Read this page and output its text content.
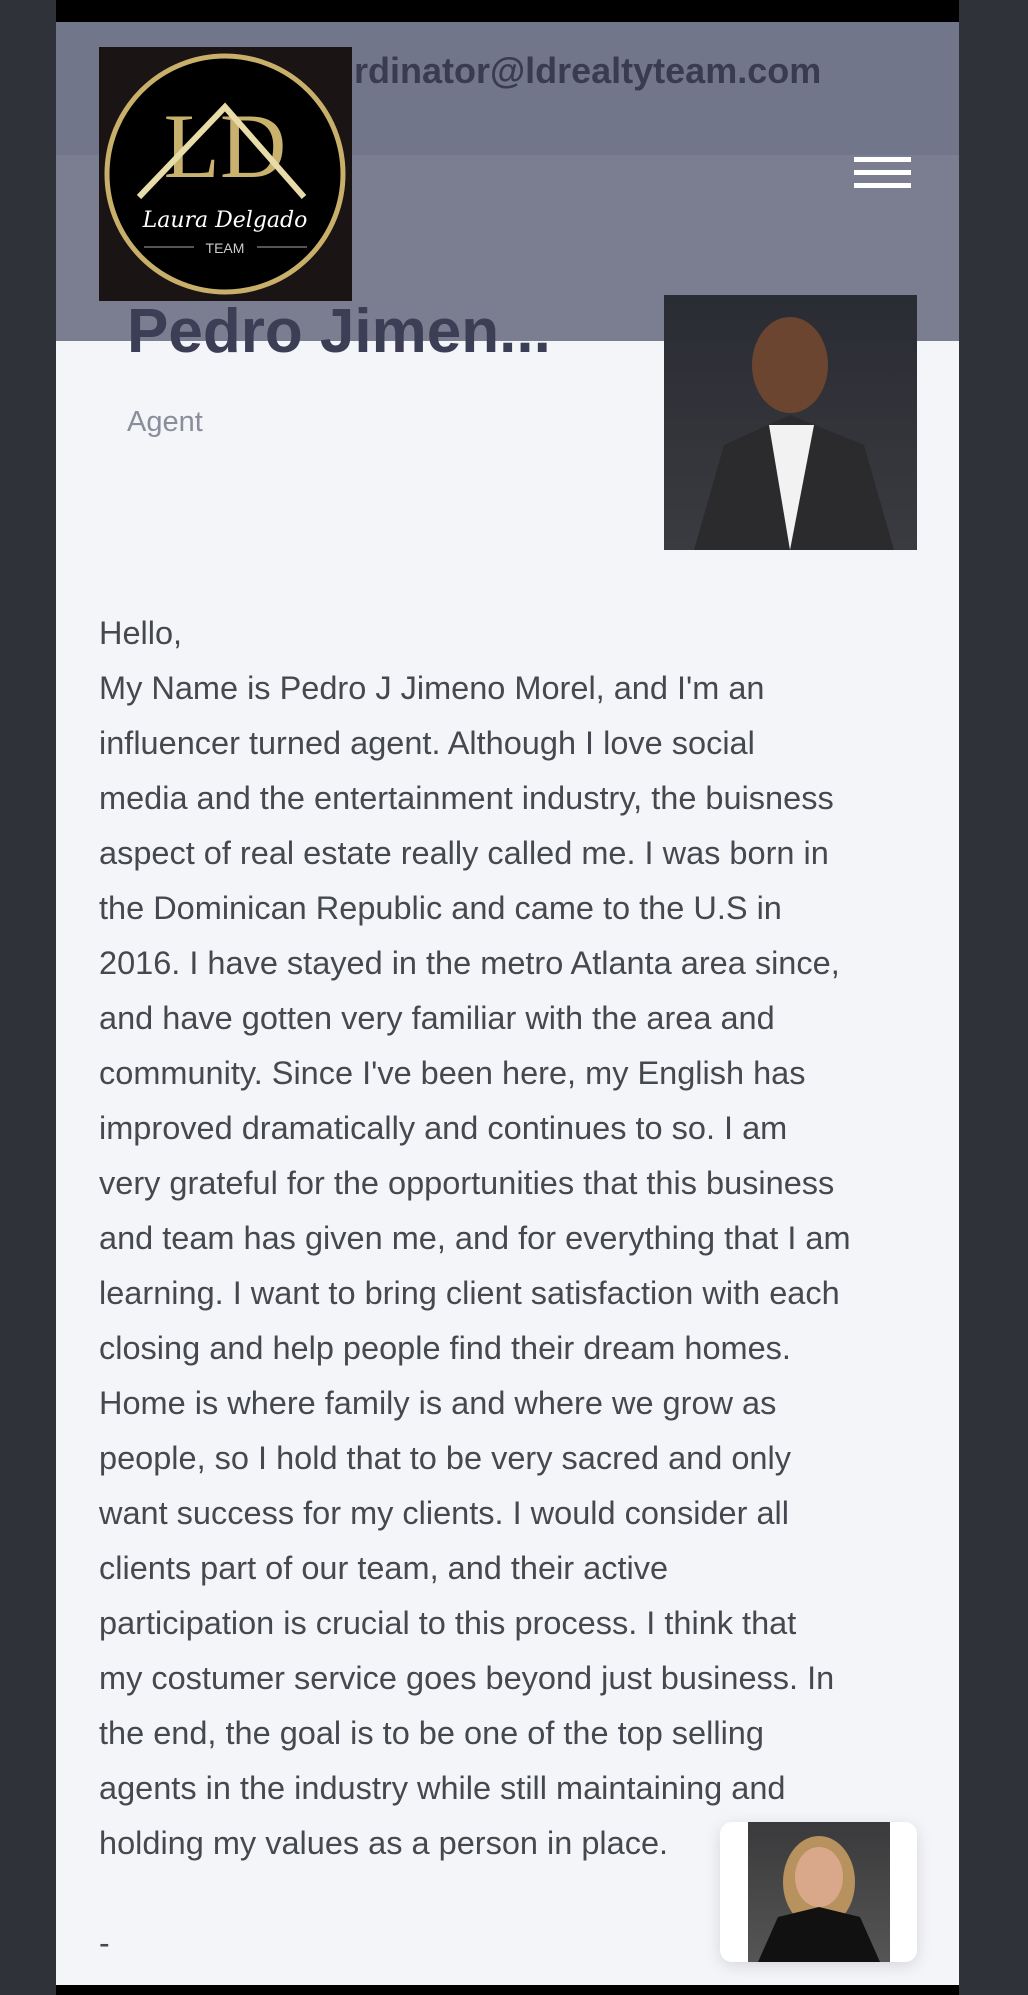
rdinator@ldrealtyteam.com
LD
Laura Delgado
TEAM
Pedro Jimen...
Agent
Hello,
My Name is Pedro J Jimeno Morel, and I'm an
influencer turned agent. Although I love social
media and the entertainment industry, the buisness
aspect of real estate really called me. I was born in
the Dominican Republic and came to the U.S in
2016. I have stayed in the metro Atlanta area since,
and have gotten very familiar with the area and
community. Since I've been here, my English has
improved dramatically and continues to so. I am
very grateful for the opportunities that this business
and team has given me, and for everything that I am
learning. I want to bring client satisfaction with each
closing and help people find their dream homes.
Home is where family is and where we grow as
people, so I hold that to be very sacred and only
want success for my clients. I would consider all
clients part of our team, and their active
participation is crucial to this process. I think that
my costumer service goes beyond just business. In
the end, the goal is to be one of the top selling
agents in the industry while still maintaining and
holding my values as a person in place.
-
